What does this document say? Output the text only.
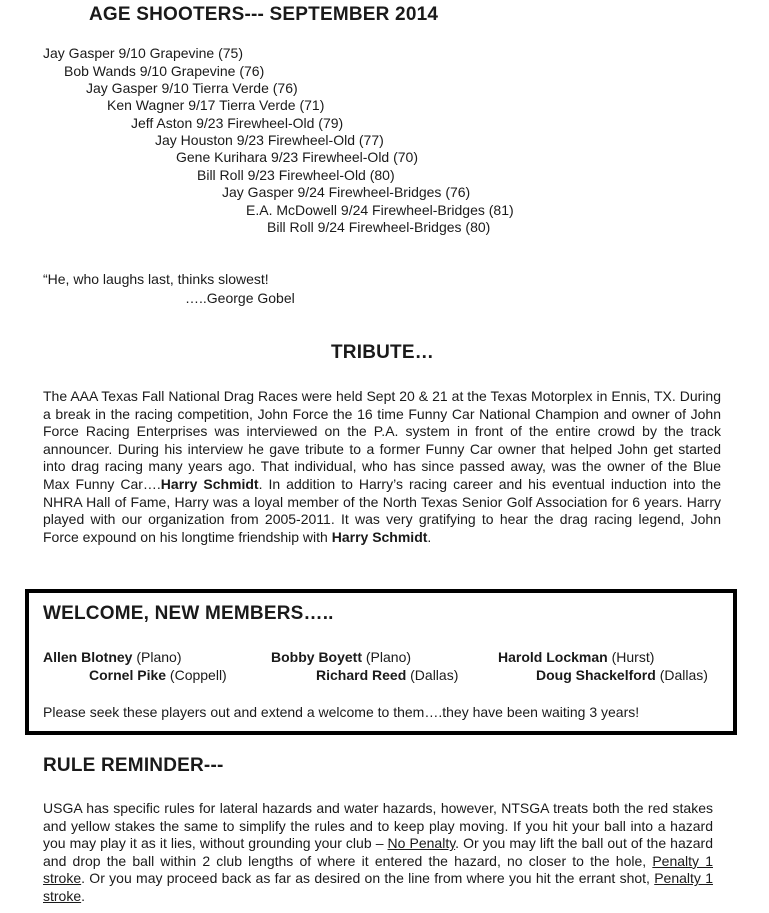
AGE SHOOTERS--- SEPTEMBER 2014
Jay Gasper 9/10 Grapevine (75)
Bob Wands 9/10 Grapevine (76)
Jay Gasper 9/10 Tierra Verde (76)
Ken Wagner 9/17 Tierra Verde (71)
Jeff Aston 9/23 Firewheel-Old (79)
Jay Houston 9/23 Firewheel-Old (77)
Gene Kurihara 9/23 Firewheel-Old (70)
Bill Roll 9/23 Firewheel-Old (80)
Jay Gasper 9/24 Firewheel-Bridges (76)
E.A. McDowell 9/24 Firewheel-Bridges (81)
Bill Roll 9/24 Firewheel-Bridges (80)
“He, who laughs last, thinks slowest!
…..George Gobel
TRIBUTE…

The AAA Texas Fall National Drag Races were held Sept 20 & 21 at the Texas Motorplex in Ennis, TX. During a break in the racing competition, John Force the 16 time Funny Car National Champion and owner of John Force Racing Enterprises was interviewed on the P.A. system in front of the entire crowd by the track announcer. During his interview he gave tribute to a former Funny Car owner that helped John get started into drag racing many years ago. That individual, who has since passed away, was the owner of the Blue Max Funny Car….Harry Schmidt. In addition to Harry’s racing career and his eventual induction into the NHRA Hall of Fame, Harry was a loyal member of the North Texas Senior Golf Association for 6 years. Harry played with our organization from 2005-2011. It was very gratifying to hear the drag racing legend, John Force expound on his longtime friendship with Harry Schmidt.

WELCOME, NEW MEMBERS…..
Allen Blotney (Plano)	Bobby Boyett (Plano)	Harold Lockman (Hurst)
Cornel Pike (Coppell)	Richard Reed (Dallas)	Doug Shackelford (Dallas)
Please seek these players out and extend a welcome to them….they have been waiting 3 years!
RULE REMINDER---

USGA has specific rules for lateral hazards and water hazards, however, NTSGA treats both the red stakes and yellow stakes the same to simplify the rules and to keep play moving. If you hit your ball into a hazard you may play it as it lies, without grounding your club – No Penalty. Or you may lift the ball out of the hazard and drop the ball within 2 club lengths of where it entered the hazard, no closer to the hole, Penalty 1 stroke. Or you may proceed back as far as desired on the line from where you hit the errant shot, Penalty 1 stroke.
